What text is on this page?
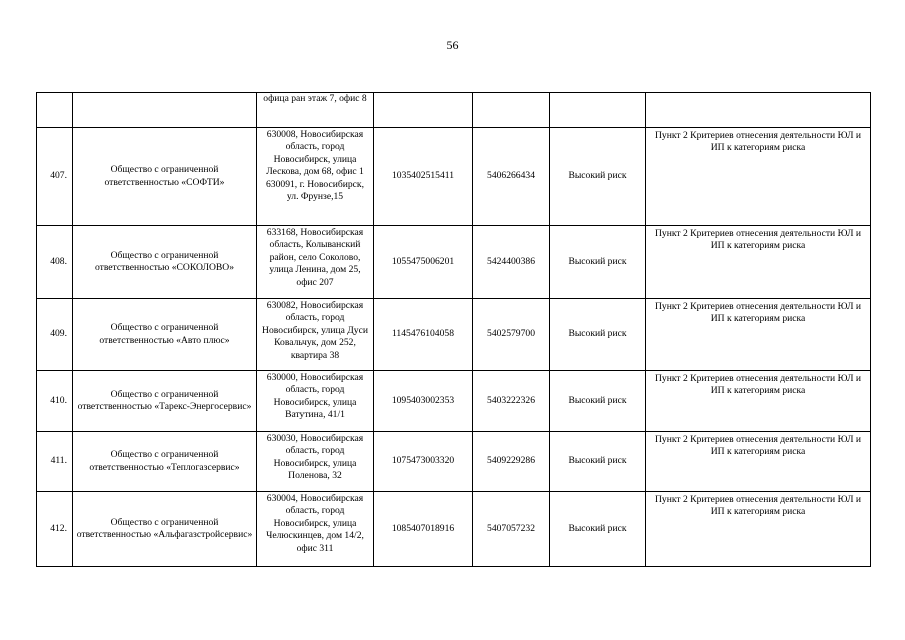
56
		офица ран этаж 7, офис 8				
407.	Общество с ограниченной ответственностью «СОФТИ»	630008, Новосибирская область, город Новосибирск, улица Лескова, дом 68, офис 1 630091, г. Новосибирск, ул. Фрунзе,15	1035402515411	5406266434	Высокий риск	Пункт 2 Критериев отнесения деятельности ЮЛ и ИП к категориям риска
408.	Общество с ограниченной ответственностью «СОКОЛОВО»	633168, Новосибирская область, Колыванский район, село Соколово, улица Ленина, дом 25, офис 207	1055475006201	5424400386	Высокий риск	Пункт 2 Критериев отнесения деятельности ЮЛ и ИП к категориям риска
409.	Общество с ограниченной ответственностью «Авто плюс»	630082, Новосибирская область, город Новосибирск, улица Дуси Ковальчук, дом 252, квартира 38	1145476104058	5402579700	Высокий риск	Пункт 2 Критериев отнесения деятельности ЮЛ и ИП к категориям риска
410.	Общество с ограниченной ответственностью «Тарекс-Энергосервис»	630000, Новосибирская область, город Новосибирск, улица Ватутина, 41/1	1095403002353	5403222326	Высокий риск	Пункт 2 Критериев отнесения деятельности ЮЛ и ИП к категориям риска
411.	Общество с ограниченной ответственностью «Теплогазсервис»	630030, Новосибирская область, город Новосибирск, улица Поленова, 32	1075473003320	5409229286	Высокий риск	Пункт 2 Критериев отнесения деятельности ЮЛ и ИП к категориям риска
412.	Общество с ограниченной ответственностью «Альфагазстройсервис»	630004, Новосибирская область, город Новосибирск, улица Челюскинцев, дом 14/2, офис 311	1085407018916	5407057232	Высокий риск	Пункт 2 Критериев отнесения деятельности ЮЛ и ИП к категориям риска
